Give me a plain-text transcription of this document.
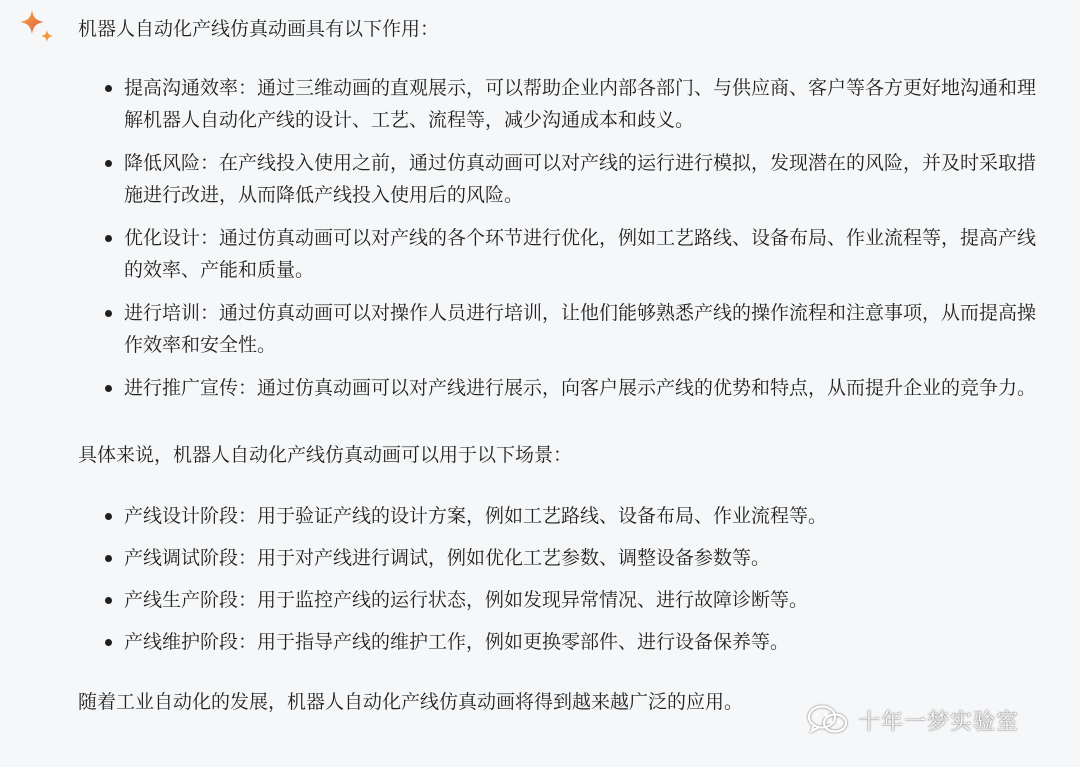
机器人自动化产线仿真动画具有以下作用：

提高沟通效率：通过三维动画的直观展示，可以帮助企业内部各部门、与供应商、客户等各方更好地沟通和理解机器人自动化产线的设计、工艺、流程等，减少沟通成本和歧义。
降低风险：在产线投入使用之前，通过仿真动画可以对产线的运行进行模拟，发现潜在的风险，并及时采取措施进行改进，从而降低产线投入使用后的风险。
优化设计：通过仿真动画可以对产线的各个环节进行优化，例如工艺路线、设备布局、作业流程等，提高产线的效率、产能和质量。
进行培训：通过仿真动画可以对操作人员进行培训，让他们能够熟悉产线的操作流程和注意事项，从而提高操作效率和安全性。
进行推广宣传：通过仿真动画可以对产线进行展示，向客户展示产线的优势和特点，从而提升企业的竞争力。

具体来说，机器人自动化产线仿真动画可以用于以下场景：

产线设计阶段：用于验证产线的设计方案，例如工艺路线、设备布局、作业流程等。
产线调试阶段：用于对产线进行调试，例如优化工艺参数、调整设备参数等。
产线生产阶段：用于监控产线的运行状态，例如发现异常情况、进行故障诊断等。
产线维护阶段：用于指导产线的维护工作，例如更换零部件、进行设备保养等。

随着工业自动化的发展，机器人自动化产线仿真动画将得到越来越广泛的应用。

十年一梦实验室
